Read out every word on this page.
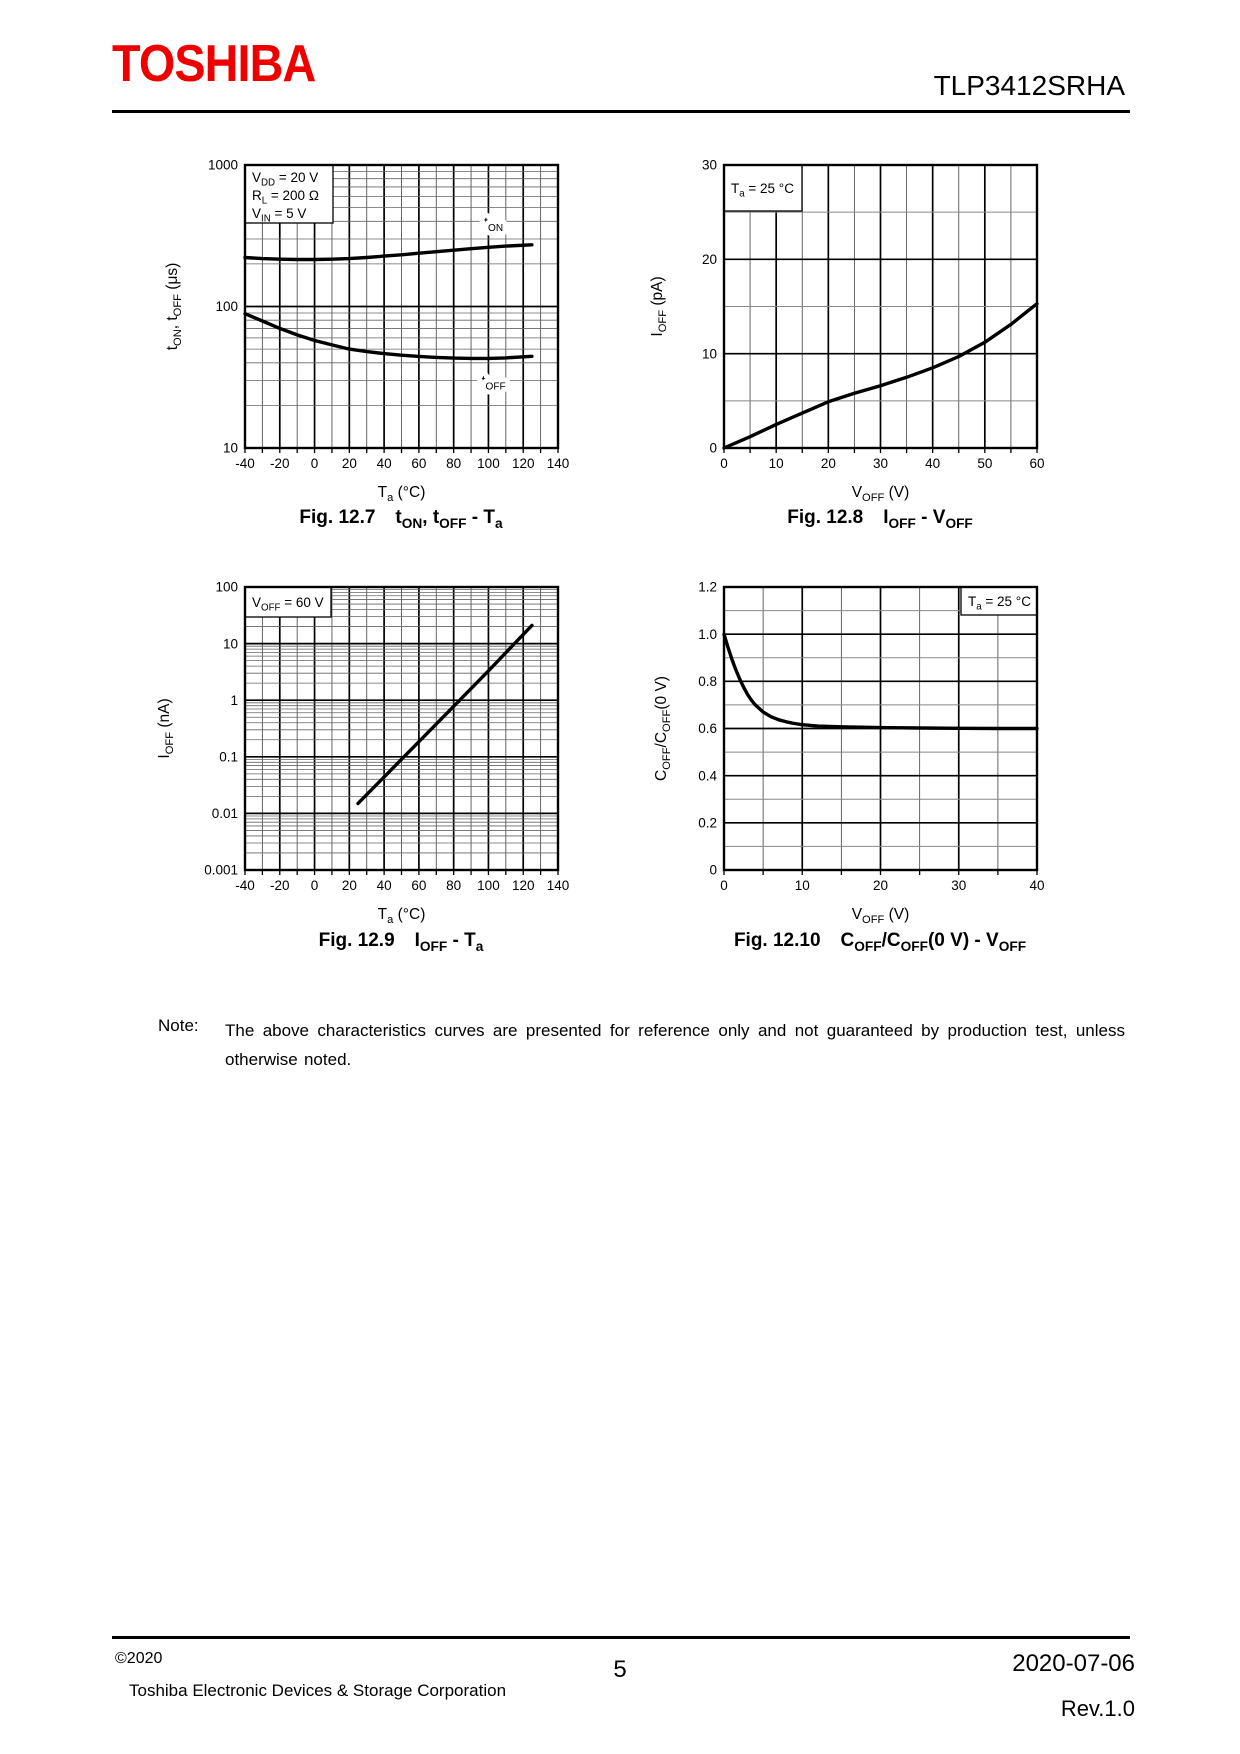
TOSHIBA	TLP3412SRHA
$V_{DD}$ $^{= 20 V}$
$R_L$ $^{= 200 \Omega}$
$V_{IN}$ $^{= 5 V}$
-40 -20 0 20 40 60 80 100 120 140
1000
100
10
$T_a$ (°C)
$t_{ON}$, $t_{OFF}$ (μs)
$t_{ON}$
$t_{OFF}$
$T_a$ $^{= 25 ^\circ C}$
0	10	20	30	40	50	60
0
10
20
30
$V_{OFF}$ (V)
$I_{OFF}$ (pA)
$V_{OFF}$ $^{= 60 V}$
-40 -20 0 20 40 60 80 100 120 140
100
10
1
0.1
0.01
0.001
$T_a$ (°C)
$I_{OFF}$ (nA)
$T_a$ $^{= 25 ^\circ C}$
0	10	20	30	40
0
0.2
0.4
0.6
0.8
1.0
1.2
$V_{OFF}$ (V)
$C_{OFF}/C_{OFF}(0$ V)
Fig. 12.7 $t_{ON}$, $t_{OFF} - T_a$	Fig. 12.8 $I_{OFF} - V_{OFF}$
Fig. 12.9 $I_{OFF} - T_a$	Fig. 12.10 $C_{OFF}/C_{OFF}(0$ $V) - V_{OFF}$
Note: The above characteristics curves are presented for reference only and not guaranteed by production test, unless otherwise noted.
©2020
Toshiba Electronic Devices & Storage Corporation
5	2020-07-06
Rev.1.0
